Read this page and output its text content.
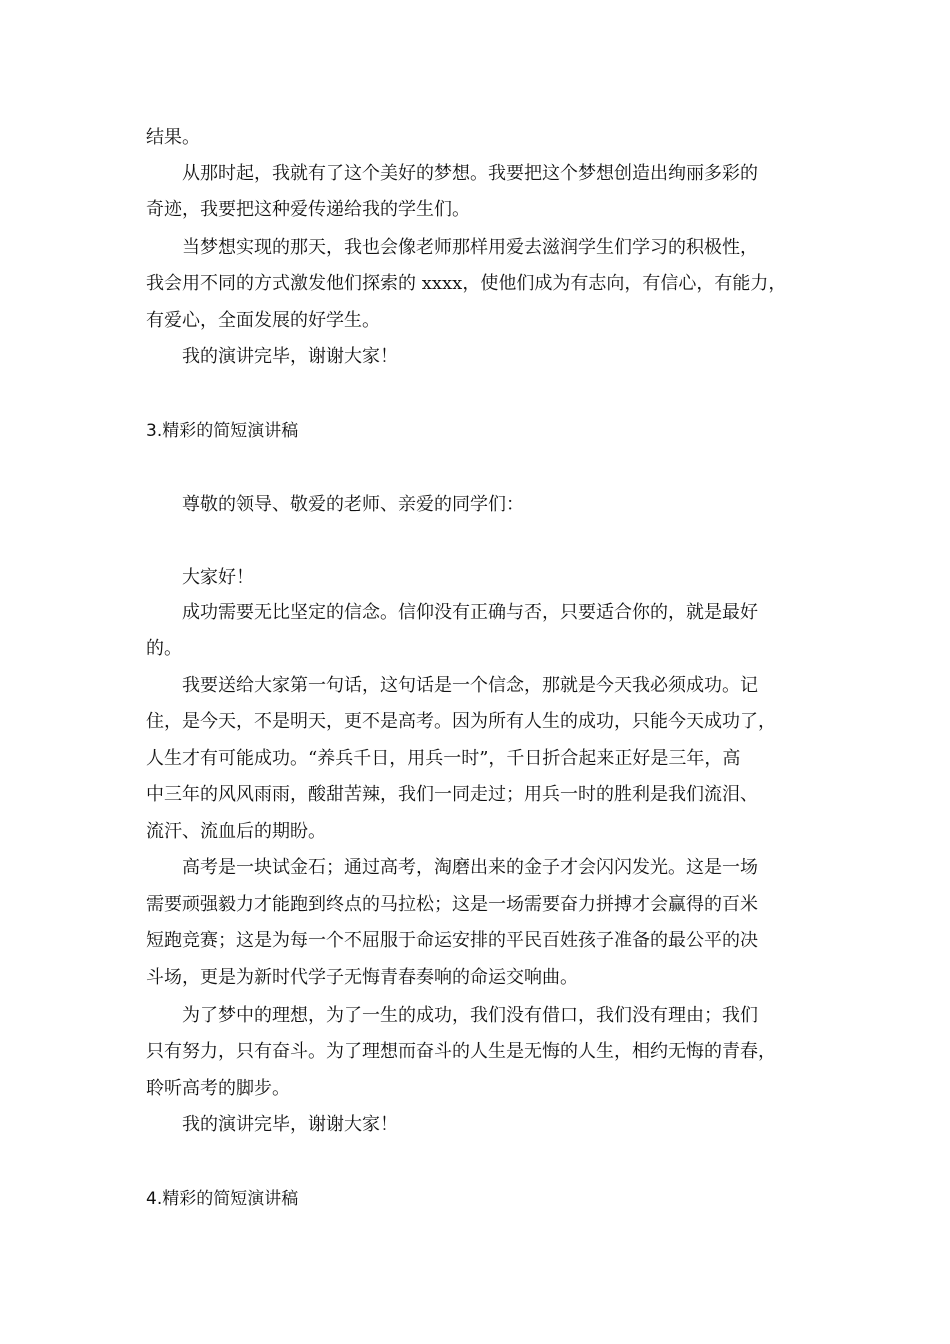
结果。
从那时起，我就有了这个美好的梦想。我要把这个梦想创造出绚丽多彩的
奇迹，我要把这种爱传递给我的学生们。
当梦想实现的那天，我也会像老师那样用爱去滋润学生们学习的积极性，
我会用不同的方式激发他们探索的 xxxx，使他们成为有志向，有信心，有能力，
有爱心，全面发展的好学生。
我的演讲完毕，谢谢大家！
3.精彩的简短演讲稿
尊敬的领导、敬爱的老师、亲爱的同学们：
大家好！
成功需要无比坚定的信念。信仰没有正确与否，只要适合你的，就是最好
的。
我要送给大家第一句话，这句话是一个信念，那就是今天我必须成功。记
住，是今天，不是明天，更不是高考。因为所有人生的成功，只能今天成功了，
人生才有可能成功。“养兵千日，用兵一时”，千日折合起来正好是三年，高
中三年的风风雨雨，酸甜苦辣，我们一同走过；用兵一时的胜利是我们流泪、
流汗、流血后的期盼。
高考是一块试金石；通过高考，淘磨出来的金子才会闪闪发光。这是一场
需要顽强毅力才能跑到终点的马拉松；这是一场需要奋力拼搏才会赢得的百米
短跑竞赛；这是为每一个不屈服于命运安排的平民百姓孩子准备的最公平的决
斗场，更是为新时代学子无悔青春奏响的命运交响曲。
为了梦中的理想，为了一生的成功，我们没有借口，我们没有理由；我们
只有努力，只有奋斗。为了理想而奋斗的人生是无悔的人生，相约无悔的青春，
聆听高考的脚步。
我的演讲完毕，谢谢大家！
4.精彩的简短演讲稿
